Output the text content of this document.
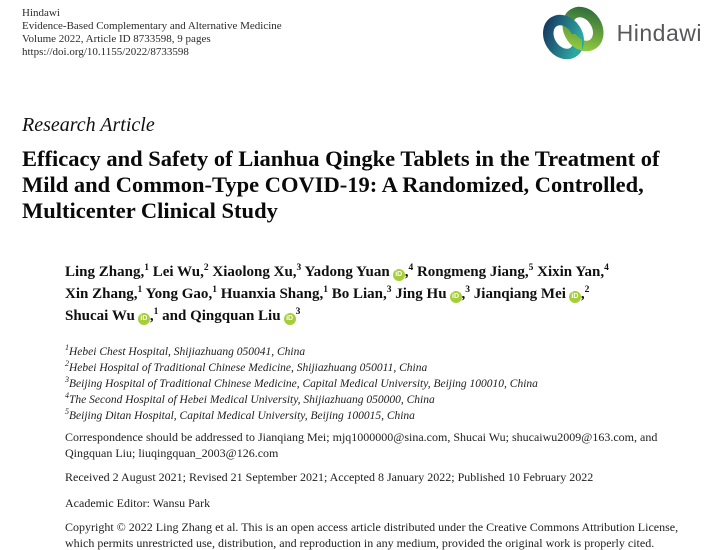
Hindawi
Evidence-Based Complementary and Alternative Medicine
Volume 2022, Article ID 8733598, 9 pages
https://doi.org/10.1155/2022/8733598
Hindawi
Research Article
Efficacy and Safety of Lianhua Qingke Tablets in the Treatment of Mild and Common-Type COVID-19: A Randomized, Controlled, Multicenter Clinical Study
Ling Zhang,$^1$ Lei Wu,$^2$ Xiaolong Xu,$^3$ Yadong Yuan iD ,$^4$ Rongmeng Jiang,$^5$ Xixin Yan,$^4$
Xin Zhang,$^1$ Yong Gao,$^1$ Huanxia Shang,$^1$ Bo Lian,$^3$ Jing Hu iD ,$^3$ Jianqiang Mei iD ,$^2$
Shucai Wu iD ,$^1$ and Qingquan Liu $iD^3$
$^1$Hebei Chest Hospital, Shijiazhuang 050041, China
$^2$Hebei Hospital of Traditional Chinese Medicine, Shijiazhuang 050011, China
$^3$Beijing Hospital of Traditional Chinese Medicine, Capital Medical University, Beijing 100010, China
$^4$The Second Hospital of Hebei Medical University, Shijiazhuang 050000, China
$^5$Beijing Ditan Hospital, Capital Medical University, Beijing 100015, China

Correspondence should be addressed to Jianqiang Mei; mjq1000000@sina.com, Shucai Wu; shucaiwu2009@163.com, and Qingquan Liu; liuqingquan_2003@126.com

Received 2 August 2021; Revised 21 September 2021; Accepted 8 January 2022; Published 10 February 2022

Academic Editor: Wansu Park

Copyright © 2022 Ling Zhang et al. This is an open access article distributed under the Creative Commons Attribution License, which permits unrestricted use, distribution, and reproduction in any medium, provided the original work is properly cited.
